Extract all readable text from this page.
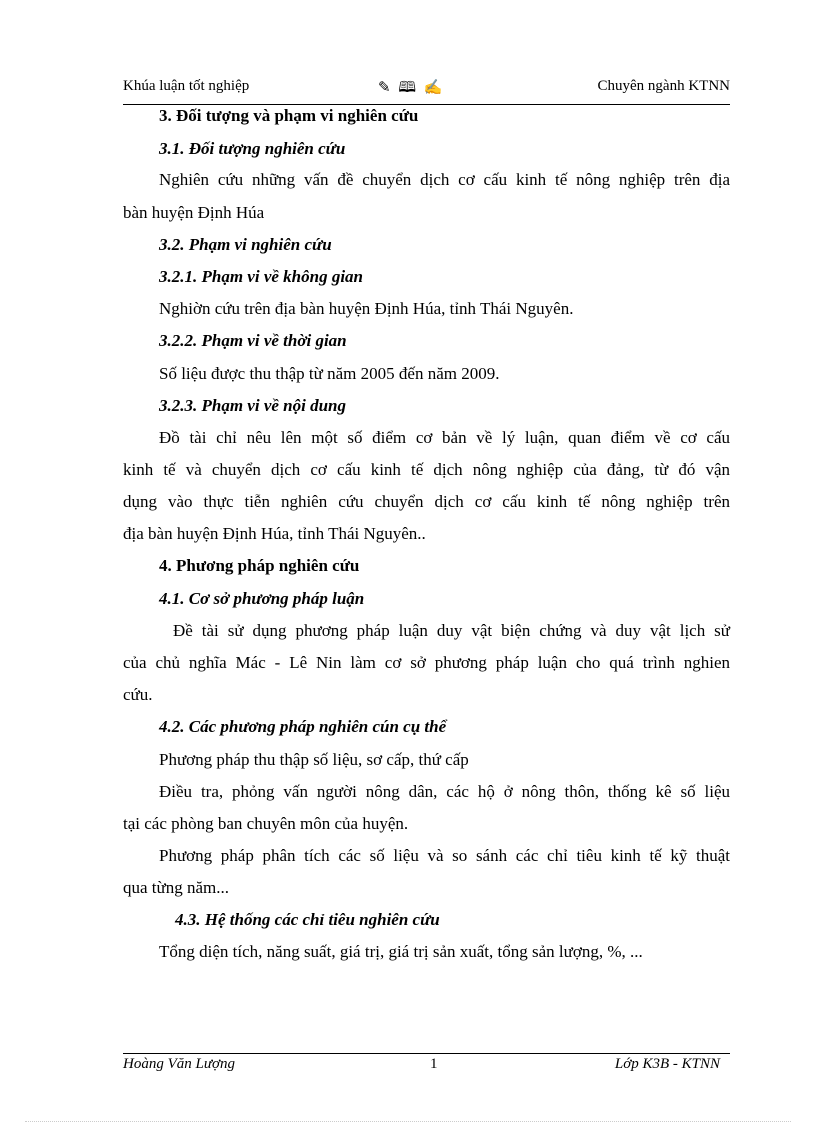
Khúa luận tốt nghiệp	✎ 🕮 ✍	Chuyên ngành KTNN
3. Đối tượng và phạm vi nghiên cứu
3.1. Đối tượng nghiên cứu
Nghiên cứu những vấn đề chuyển dịch cơ cấu kinh tế nông nghiệp trên địa
bàn huyện Định Húa
3.2. Phạm vi nghiên cứu
3.2.1. Phạm vi về không gian
Nghiờn cứu trên địa bàn huyện Định Húa, tỉnh Thái Nguyên.
3.2.2. Phạm vi về thời gian
Số liệu được thu thập từ năm 2005 đến năm 2009.
3.2.3. Phạm vi về nội dung
Đồ tài chỉ nêu lên một số điểm cơ bản về lý luận, quan điểm về cơ cấu
kinh tế và chuyển dịch cơ cấu kinh tế dịch nông nghiệp của đảng, từ đó vận
dụng vào thực tiễn nghiên cứu chuyển dịch cơ cấu kinh tế nông nghiệp trên
địa bàn huyện Định Húa, tỉnh Thái Nguyên..
4. Phương pháp nghiên cứu
4.1. Cơ sở phương pháp luận
Đề tài sử dụng phương pháp luận duy vật biện chứng và duy vật lịch sử
của chủ nghĩa Mác - Lê Nin làm cơ sở phương pháp luận cho quá trình nghien
cứu.
4.2. Các phương pháp nghiên cún cụ thể
Phương pháp thu thập số liệu, sơ cấp, thứ cấp
Điều tra, phỏng vấn người nông dân, các hộ ở nông thôn, thống kê số liệu
tại các phòng ban chuyên môn của huyện.
Phương pháp phân tích các số liệu và so sánh các chỉ tiêu kinh tế kỹ thuật
qua từng năm...
4.3. Hệ thống các chỉ tiêu nghiên cứu
Tổng diện tích, năng suất, giá trị, giá trị sản xuất, tổng sản lượng, %, ...
Hoàng Văn Lượng	1	Lớp K3B - KTNN
